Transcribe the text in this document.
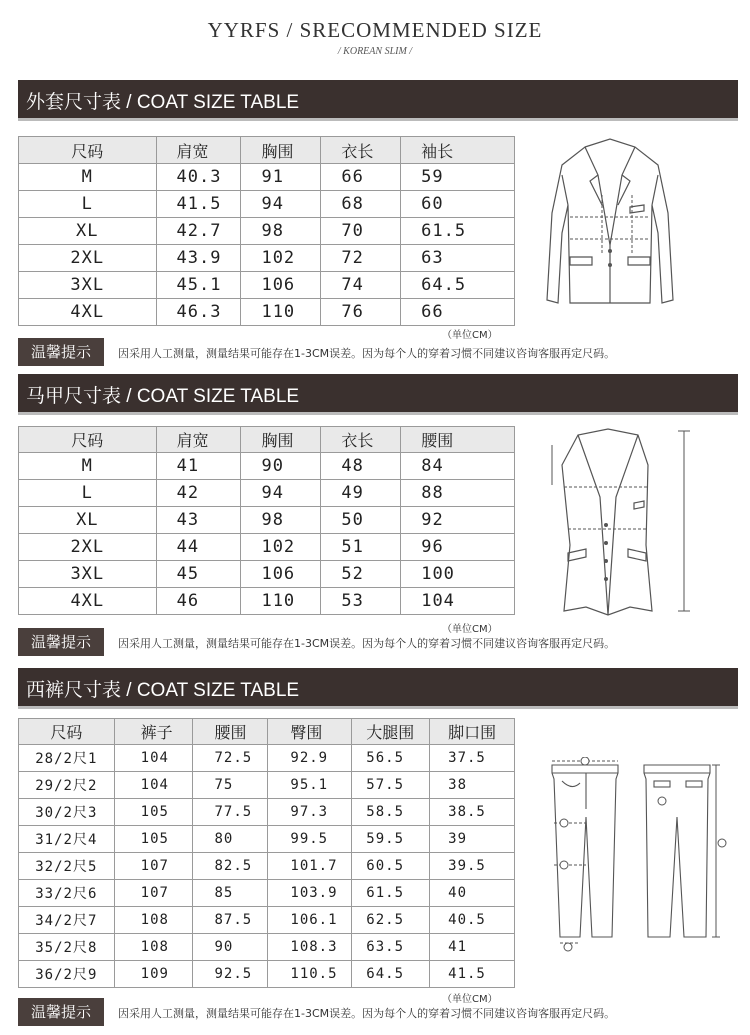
YYRFS / SRECOMMENDED SIZE
/ KOREAN SLIM /
外套尺寸表 / COAT SIZE TABLE
尺码	肩宽	胸围	衣长	袖长
M	40.3	91	66	59
L	41.5	94	68	60
XL	42.7	98	70	61.5
2XL	43.9	102	72	63
3XL	45.1	106	74	64.5
4XL	46.3	110	76	66
（单位CM）
温馨提示	因采用人工测量，测量结果可能存在1-3CM误差。因为每个人的穿着习惯不同建议咨询客服再定尺码。
马甲尺寸表 / COAT SIZE TABLE
尺码	肩宽	胸围	衣长	腰围
M	41	90	48	84
L	42	94	49	88
XL	43	98	50	92
2XL	44	102	51	96
3XL	45	106	52	100
4XL	46	110	53	104
（单位CM）
温馨提示	因采用人工测量，测量结果可能存在1-3CM误差。因为每个人的穿着习惯不同建议咨询客服再定尺码。
西裤尺寸表 / COAT SIZE TABLE
尺码	裤子	腰围	臀围	大腿围	脚口围
28/2尺1	104	72.5	92.9	56.5	37.5
29/2尺2	104	75	95.1	57.5	38
30/2尺3	105	77.5	97.3	58.5	38.5
31/2尺4	105	80	99.5	59.5	39
32/2尺5	107	82.5	101.7	60.5	39.5
33/2尺6	107	85	103.9	61.5	40
34/2尺7	108	87.5	106.1	62.5	40.5
35/2尺8	108	90	108.3	63.5	41
36/2尺9	109	92.5	110.5	64.5	41.5
（单位CM）
温馨提示	因采用人工测量，测量结果可能存在1-3CM误差。因为每个人的穿着习惯不同建议咨询客服再定尺码。
